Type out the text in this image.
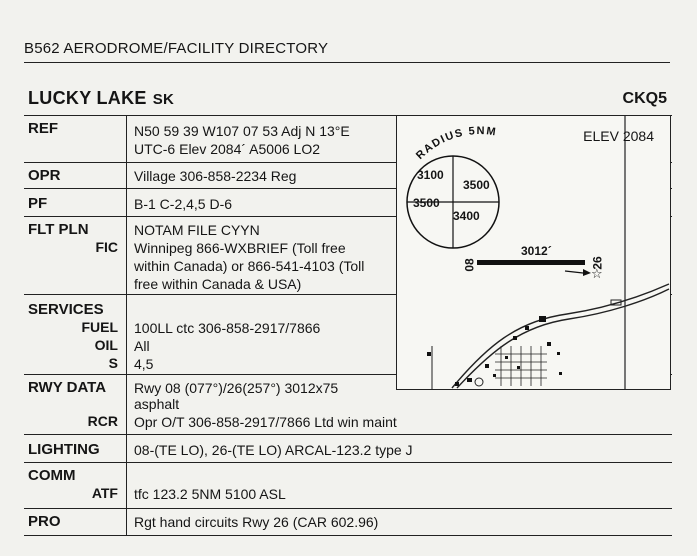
B562 AERODROME/FACILITY DIRECTORY
LUCKY LAKE SK	CKQ5
REF	N50 59 39 W107 07 53 Adj N 13°E
UTC-6 Elev 2084´ A5006 LO2
OPR	Village 306-858-2234 Reg
PF	B-1 C-2,4,5 D-6
FLT PLN	NOTAM FILE CYYN
FIC Winnipeg 866-WXBRIEF (Toll free
within Canada) or 866-541-4103 (Toll
free within Canada & USA)
SERVICES
FUEL 100LL ctc 306-858-2917/7866
OIL All
S 4,5
RWY DATA Rwy 08 (077°)/26(257°) 3012x75
asphalt
RCR Opr O/T 306-858-2917/7866 Ltd win maint
LIGHTING 08-(TE LO), 26-(TE LO) ARCAL-123.2 type J
COMM
ATF tfc 123.2 5NM 5100 ASL
PRO	Rgt hand circuits Rwy 26 (CAR 602.96)
RADIUS 5NM
☆
ELEV 2084
3100
3500
3500
3400
3012´
08	26
